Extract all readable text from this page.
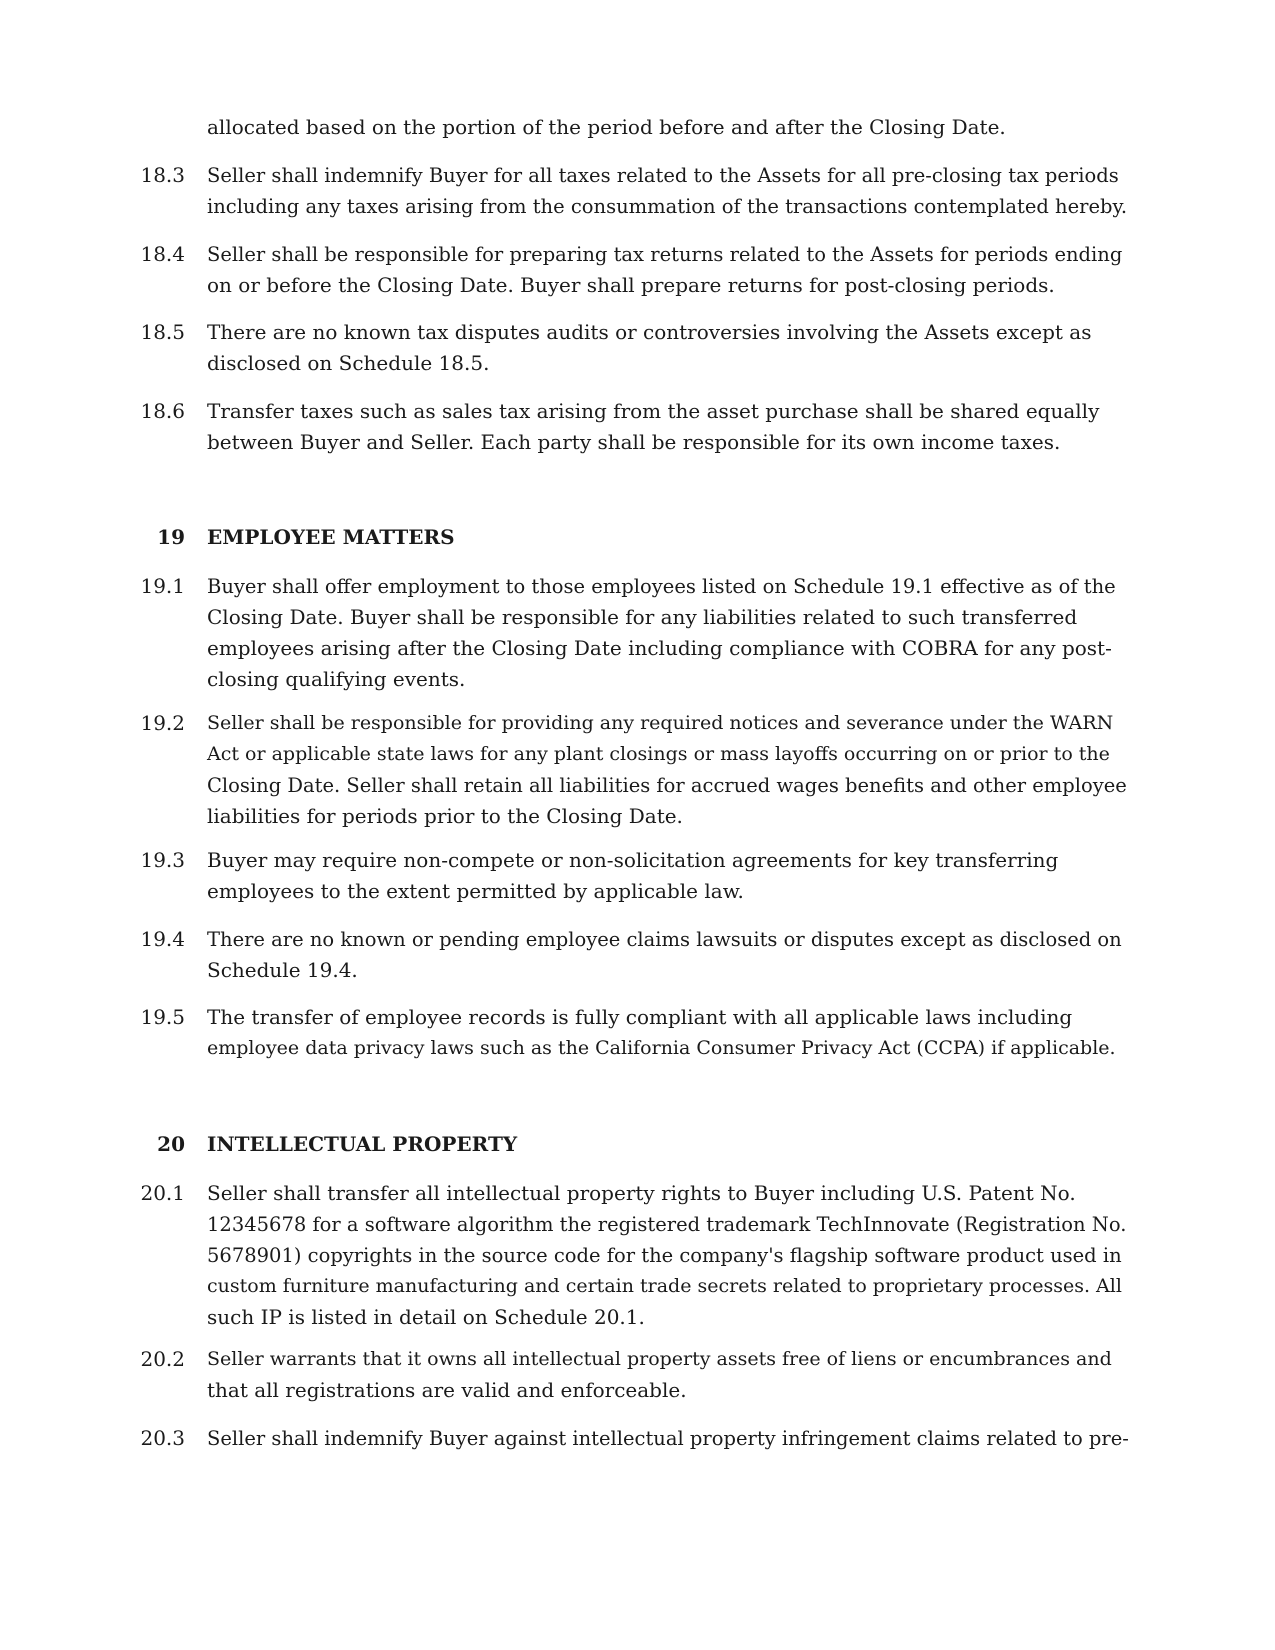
allocated based on the portion of the period before and after the Closing Date.
18.3 Seller shall indemnify Buyer for all taxes related to the Assets for all pre-closing tax periods
including any taxes arising from the consummation of the transactions contemplated hereby.
18.4 Seller shall be responsible for preparing tax returns related to the Assets for periods ending
on or before the Closing Date. Buyer shall prepare returns for post-closing periods.
18.5 There are no known tax disputes audits or controversies involving the Assets except as
disclosed on Schedule 18.5.
18.6 Transfer taxes such as sales tax arising from the asset purchase shall be shared equally
between Buyer and Seller. Each party shall be responsible for its own income taxes.
19 EMPLOYEE MATTERS
19.1 Buyer shall offer employment to those employees listed on Schedule 19.1 effective as of the
Closing Date. Buyer shall be responsible for any liabilities related to such transferred
employees arising after the Closing Date including compliance with COBRA for any post-
closing qualifying events.
19.2 Seller shall be responsible for providing any required notices and severance under the WARN
Act or applicable state laws for any plant closings or mass layoffs occurring on or prior to the
Closing Date. Seller shall retain all liabilities for accrued wages benefits and other employee
liabilities for periods prior to the Closing Date.
19.3 Buyer may require non-compete or non-solicitation agreements for key transferring
employees to the extent permitted by applicable law.
19.4 There are no known or pending employee claims lawsuits or disputes except as disclosed on
Schedule 19.4.
19.5 The transfer of employee records is fully compliant with all applicable laws including
employee data privacy laws such as the California Consumer Privacy Act (CCPA) if applicable.
20 INTELLECTUAL PROPERTY
20.1 Seller shall transfer all intellectual property rights to Buyer including U.S. Patent No.
12345678 for a software algorithm the registered trademark TechInnovate (Registration No.
5678901) copyrights in the source code for the company's flagship software product used in
custom furniture manufacturing and certain trade secrets related to proprietary processes. All
such IP is listed in detail on Schedule 20.1.
20.2 Seller warrants that it owns all intellectual property assets free of liens or encumbrances and
that all registrations are valid and enforceable.
20.3 Seller shall indemnify Buyer against intellectual property infringement claims related to pre-
